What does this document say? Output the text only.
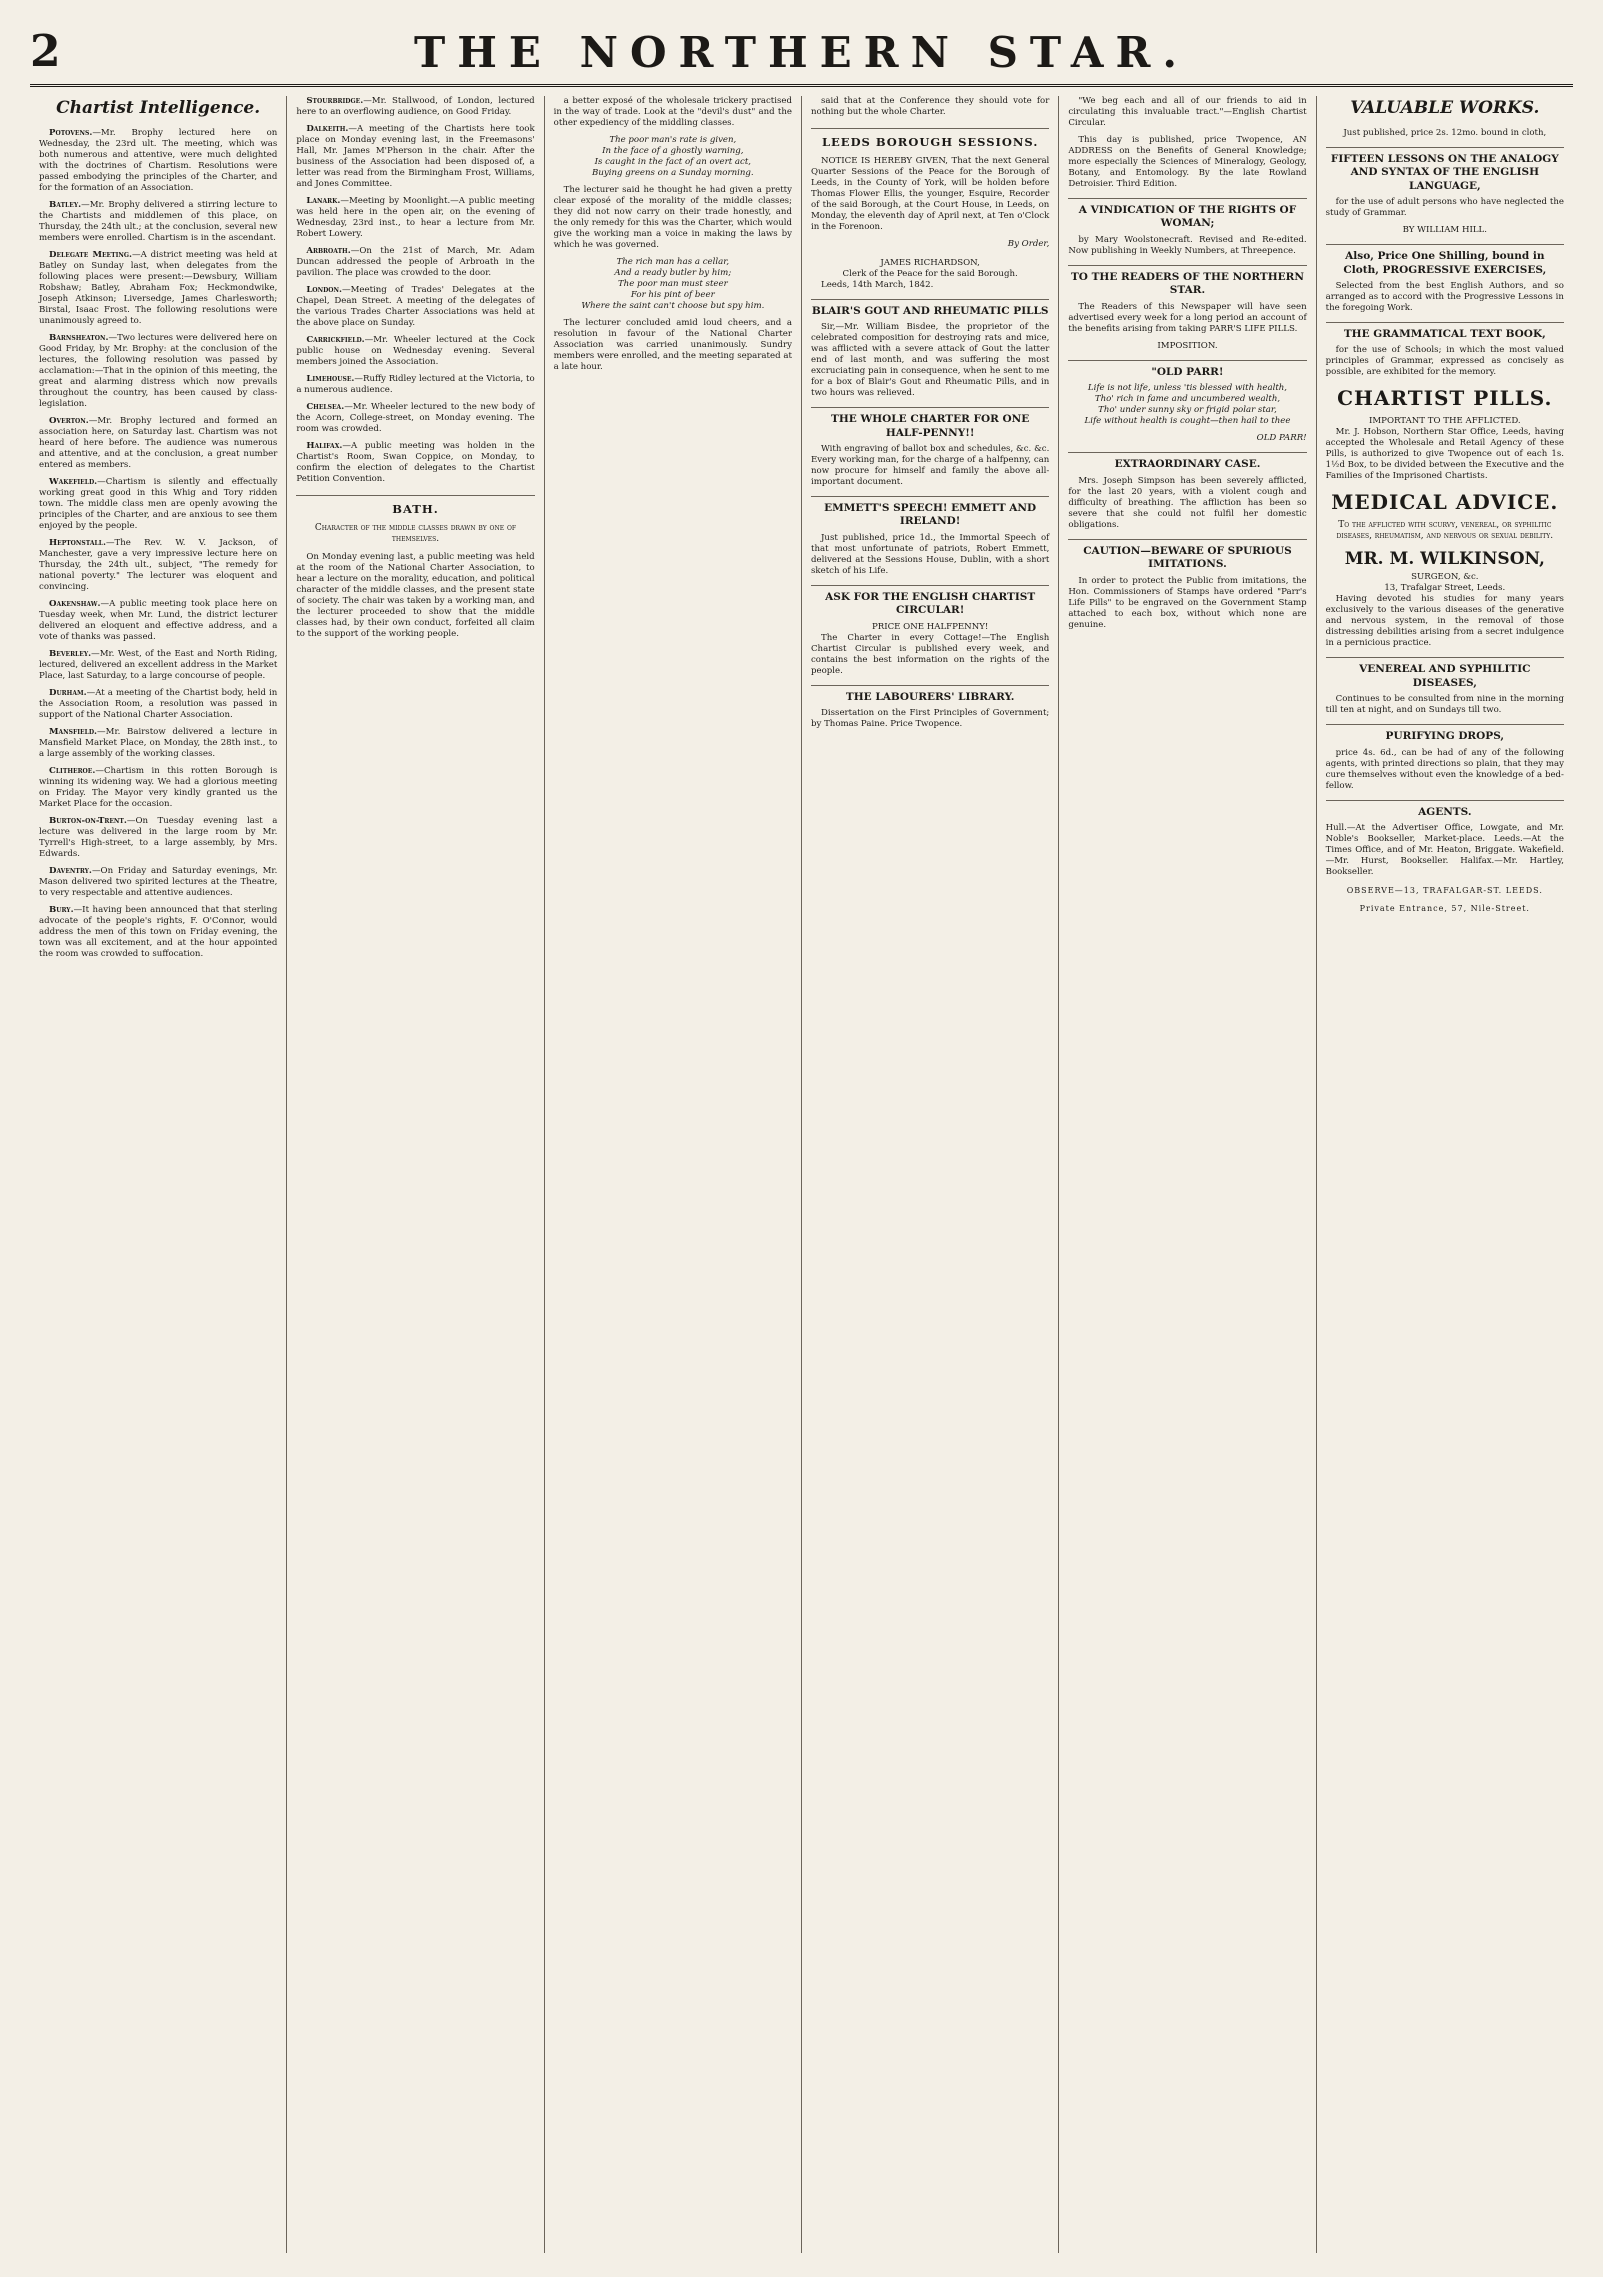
2	THE NORTHERN STAR.
Chartist Intelligence.

Potovens.—Mr. Brophy lectured here on Wednesday, the 23rd ult. The meeting, which was both numerous and attentive, were much delighted with the doctrines of Chartism. Resolutions were passed embodying the principles of the Charter, and for the formation of an Association.

Batley.—Mr. Brophy delivered a stirring lecture to the Chartists and middlemen of this place, on Thursday, the 24th ult.; at the conclusion, several new members were enrolled. Chartism is in the ascendant.

Delegate Meeting.—A district meeting was held at Batley on Sunday last, when delegates from the following places were present:—Dewsbury, William Robshaw; Batley, Abraham Fox; Heckmondwike, Joseph Atkinson; Liversedge, James Charlesworth; Birstal, Isaac Frost. The following resolutions were unanimously agreed to.

Barnsheaton.—Two lectures were delivered here on Good Friday, by Mr. Brophy: at the conclusion of the lectures, the following resolution was passed by acclamation:—That in the opinion of this meeting, the great and alarming distress which now prevails throughout the country, has been caused by class-legislation.

Overton.—Mr. Brophy lectured and formed an association here, on Saturday last. Chartism was not heard of here before. The audience was numerous and attentive, and at the conclusion, a great number entered as members.

Wakefield.—Chartism is silently and effectually working great good in this Whig and Tory ridden town. The middle class men are openly avowing the principles of the Charter, and are anxious to see them enjoyed by the people.

Heptonstall.—The Rev. W. V. Jackson, of Manchester, gave a very impressive lecture here on Thursday, the 24th ult., subject, "The remedy for national poverty." The lecturer was eloquent and convincing.

Oakenshaw.—A public meeting took place here on Tuesday week, when Mr. Lund, the district lecturer delivered an eloquent and effective address, and a vote of thanks was passed.

Beverley.—Mr. West, of the East and North Riding, lectured, delivered an excellent address in the Market Place, last Saturday, to a large concourse of people.

Durham.—At a meeting of the Chartist body, held in the Association Room, a resolution was passed in support of the National Charter Association.

Mansfield.—Mr. Bairstow delivered a lecture in Mansfield Market Place, on Monday, the 28th inst., to a large assembly of the working classes.

Clitheroe.—Chartism in this rotten Borough is winning its widening way. We had a glorious meeting on Friday. The Mayor very kindly granted us the Market Place for the occasion.

Burton-on-Trent.—On Tuesday evening last a lecture was delivered in the large room by Mr. Tyrrell's High-street, to a large assembly, by Mrs. Edwards.

Daventry.—On Friday and Saturday evenings, Mr. Mason delivered two spirited lectures at the Theatre, to very respectable and attentive audiences.

Bury.—It having been announced that that sterling advocate of the people's rights, F. O'Connor, would address the men of this town on Friday evening, the town was all excitement, and at the hour appointed the room was crowded to suffocation.

Stourbridge.—Mr. Stallwood, of London, lectured here to an overflowing audience, on Good Friday.

Dalkeith.—A meeting of the Chartists here took place on Monday evening last, in the Freemasons' Hall, Mr. James M'Pherson in the chair. After the business of the Association had been disposed of, a letter was read from the Birmingham Frost, Williams, and Jones Committee.

Lanark.—Meeting by Moonlight.—A public meeting was held here in the open air, on the evening of Wednesday, 23rd inst., to hear a lecture from Mr. Robert Lowery.

Arbroath.—On the 21st of March, Mr. Adam Duncan addressed the people of Arbroath in the pavilion. The place was crowded to the door.

London.—Meeting of Trades' Delegates at the Chapel, Dean Street. A meeting of the delegates of the various Trades Charter Associations was held at the above place on Sunday.

Carrickfield.—Mr. Wheeler lectured at the Cock public house on Wednesday evening. Several members joined the Association.

Limehouse.—Ruffy Ridley lectured at the Victoria, to a numerous audience.

Chelsea.—Mr. Wheeler lectured to the new body of the Acorn, College-street, on Monday evening. The room was crowded.

Halifax.—A public meeting was holden in the Chartist's Room, Swan Coppice, on Monday, to confirm the election of delegates to the Chartist Petition Convention.

BATH.
Character of the middle classes drawn by one of themselves.

On Monday evening last, a public meeting was held at the room of the National Charter Association, to hear a lecture on the morality, education, and political character of the middle classes, and the present state of society. The chair was taken by a working man, and the lecturer proceeded to show that the middle classes had, by their own conduct, forfeited all claim to the support of the working people.

a better exposé of the wholesale trickery practised in the way of trade. Look at the "devil's dust" and the other expediency of the middling classes.

The poor man's rate is given,
In the face of a ghostly warning,
Is caught in the fact of an overt act,
Buying greens on a Sunday morning.

The lecturer said he thought he had given a pretty clear exposé of the morality of the middle classes; they did not now carry on their trade honestly, and the only remedy for this was the Charter, which would give the working man a voice in making the laws by which he was governed.

The rich man has a cellar,
And a ready butler by him;
The poor man must steer
For his pint of beer
Where the saint can't choose but spy him.

The lecturer concluded amid loud cheers, and a resolution in favour of the National Charter Association was carried unanimously. Sundry members were enrolled, and the meeting separated at a late hour.

said that at the Conference they should vote for nothing but the whole Charter.

LEEDS BOROUGH SESSIONS.

NOTICE IS HEREBY GIVEN, That the next General Quarter Sessions of the Peace for the Borough of Leeds, in the County of York, will be holden before Thomas Flower Ellis, the younger, Esquire, Recorder of the said Borough, at the Court House, in Leeds, on Monday, the eleventh day of April next, at Ten o'Clock in the Forenoon.

By Order,
JAMES RICHARDSON,
Clerk of the Peace for the said Borough.
Leeds, 14th March, 1842.
BLAIR'S GOUT AND RHEUMATIC PILLS

Sir,—Mr. William Bisdee, the proprietor of the celebrated composition for destroying rats and mice, was afflicted with a severe attack of Gout the latter end of last month, and was suffering the most excruciating pain in consequence, when he sent to me for a box of Blair's Gout and Rheumatic Pills, and in two hours was relieved.

THE WHOLE CHARTER FOR ONE HALF-PENNY!!

With engraving of ballot box and schedules, &c. &c. Every working man, for the charge of a halfpenny, can now procure for himself and family the above all-important document.

EMMETT'S SPEECH! EMMETT AND IRELAND!

Just published, price 1d., the Immortal Speech of that most unfortunate of patriots, Robert Emmett, delivered at the Sessions House, Dublin, with a short sketch of his Life.

ASK FOR THE ENGLISH CHARTIST CIRCULAR!
PRICE ONE HALFPENNY!

The Charter in every Cottage!—The English Chartist Circular is published every week, and contains the best information on the rights of the people.

THE LABOURERS' LIBRARY.

Dissertation on the First Principles of Government; by Thomas Paine. Price Twopence.

"We beg each and all of our friends to aid in circulating this invaluable tract."—English Chartist Circular.

This day is published, price Twopence, AN ADDRESS on the Benefits of General Knowledge; more especially the Sciences of Mineralogy, Geology, Botany, and Entomology. By the late Rowland Detroisier. Third Edition.

A VINDICATION OF THE RIGHTS OF WOMAN;

by Mary Woolstonecraft. Revised and Re-edited. Now publishing in Weekly Numbers, at Threepence.

TO THE READERS OF THE NORTHERN STAR.

The Readers of this Newspaper will have seen advertised every week for a long period an account of the benefits arising from taking PARR'S LIFE PILLS.

IMPOSITION.
"OLD PARR!
Life is not life, unless 'tis blessed with health,
Tho' rich in fame and uncumbered wealth,
Tho' under sunny sky or frigid polar star,
Life without health is cought—then hail to thee
OLD PARR!
EXTRAORDINARY CASE.

Mrs. Joseph Simpson has been severely afflicted, for the last 20 years, with a violent cough and difficulty of breathing. The affliction has been so severe that she could not fulfil her domestic obligations.

CAUTION—BEWARE OF SPURIOUS IMITATIONS.

In order to protect the Public from imitations, the Hon. Commissioners of Stamps have ordered "Parr's Life Pills" to be engraved on the Government Stamp attached to each box, without which none are genuine.

VALUABLE WORKS.
Just published, price 2s. 12mo. bound in cloth,
FIFTEEN LESSONS ON THE ANALOGY AND SYNTAX OF THE ENGLISH LANGUAGE,

for the use of adult persons who have neglected the study of Grammar.

BY WILLIAM HILL.
Also, Price One Shilling, bound in Cloth, PROGRESSIVE EXERCISES,

Selected from the best English Authors, and so arranged as to accord with the Progressive Lessons in the foregoing Work.

THE GRAMMATICAL TEXT BOOK,

for the use of Schools; in which the most valued principles of Grammar, expressed as concisely as possible, are exhibited for the memory.

CHARTIST PILLS.
IMPORTANT TO THE AFFLICTED.

Mr. J. Hobson, Northern Star Office, Leeds, having accepted the Wholesale and Retail Agency of these Pills, is authorized to give Twopence out of each 1s. 1½d Box, to be divided between the Executive and the Families of the Imprisoned Chartists.

MEDICAL ADVICE.
To the afflicted with scurvy, venereal, or syphilitic diseases, rheumatism, and nervous or sexual debility.
MR. M. WILKINSON,
SURGEON, &c.
13, Trafalgar Street, Leeds.

Having devoted his studies for many years exclusively to the various diseases of the generative and nervous system, in the removal of those distressing debilities arising from a secret indulgence in a pernicious practice.

VENEREAL AND SYPHILITIC DISEASES,

Continues to be consulted from nine in the morning till ten at night, and on Sundays till two.

PURIFYING DROPS,

price 4s. 6d., can be had of any of the following agents, with printed directions so plain, that they may cure themselves without even the knowledge of a bed-fellow.

AGENTS.

Hull.—At the Advertiser Office, Lowgate, and Mr. Noble's Bookseller, Market-place. Leeds.—At the Times Office, and of Mr. Heaton, Briggate. Wakefield.—Mr. Hurst, Bookseller. Halifax.—Mr. Hartley, Bookseller.

OBSERVE—13, TRAFALGAR-ST. LEEDS.
Private Entrance, 57, Nile-Street.
